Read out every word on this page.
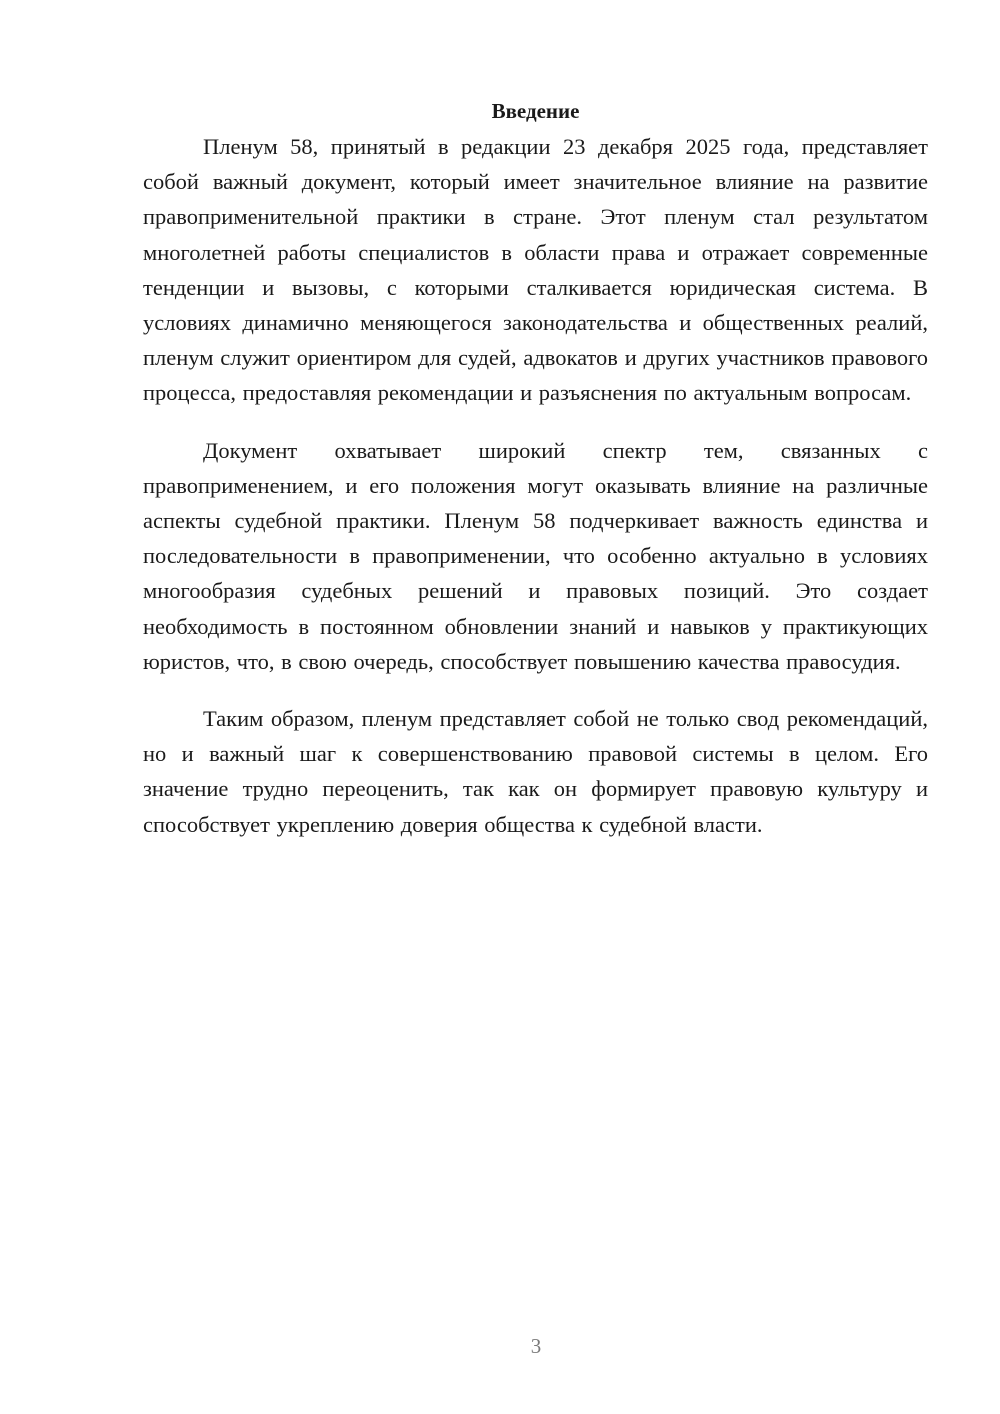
Введение

Пленум 58, принятый в редакции 23 декабря 2025 года, представляет собой важный документ, который имеет значительное влияние на развитие правоприменительной практики в стране. Этот пленум стал результатом многолетней работы специалистов в области права и отражает современные тенденции и вызовы, с которыми сталкивается юридическая система. В условиях динамично меняющегося законодательства и общественных реалий, пленум служит ориентиром для судей, адвокатов и других участников правового процесса, предоставляя рекомендации и разъяснения по актуальным вопросам.

Документ охватывает широкий спектр тем, связанных с правоприменением, и его положения могут оказывать влияние на различные аспекты судебной практики. Пленум 58 подчеркивает важность единства и последовательности в правоприменении, что особенно актуально в условиях многообразия судебных решений и правовых позиций. Это создает необходимость в постоянном обновлении знаний и навыков у практикующих юристов, что, в свою очередь, способствует повышению качества правосудия.

Таким образом, пленум представляет собой не только свод рекомендаций, но и важный шаг к совершенствованию правовой системы в целом. Его значение трудно переоценить, так как он формирует правовую культуру и способствует укреплению доверия общества к судебной власти.

3
